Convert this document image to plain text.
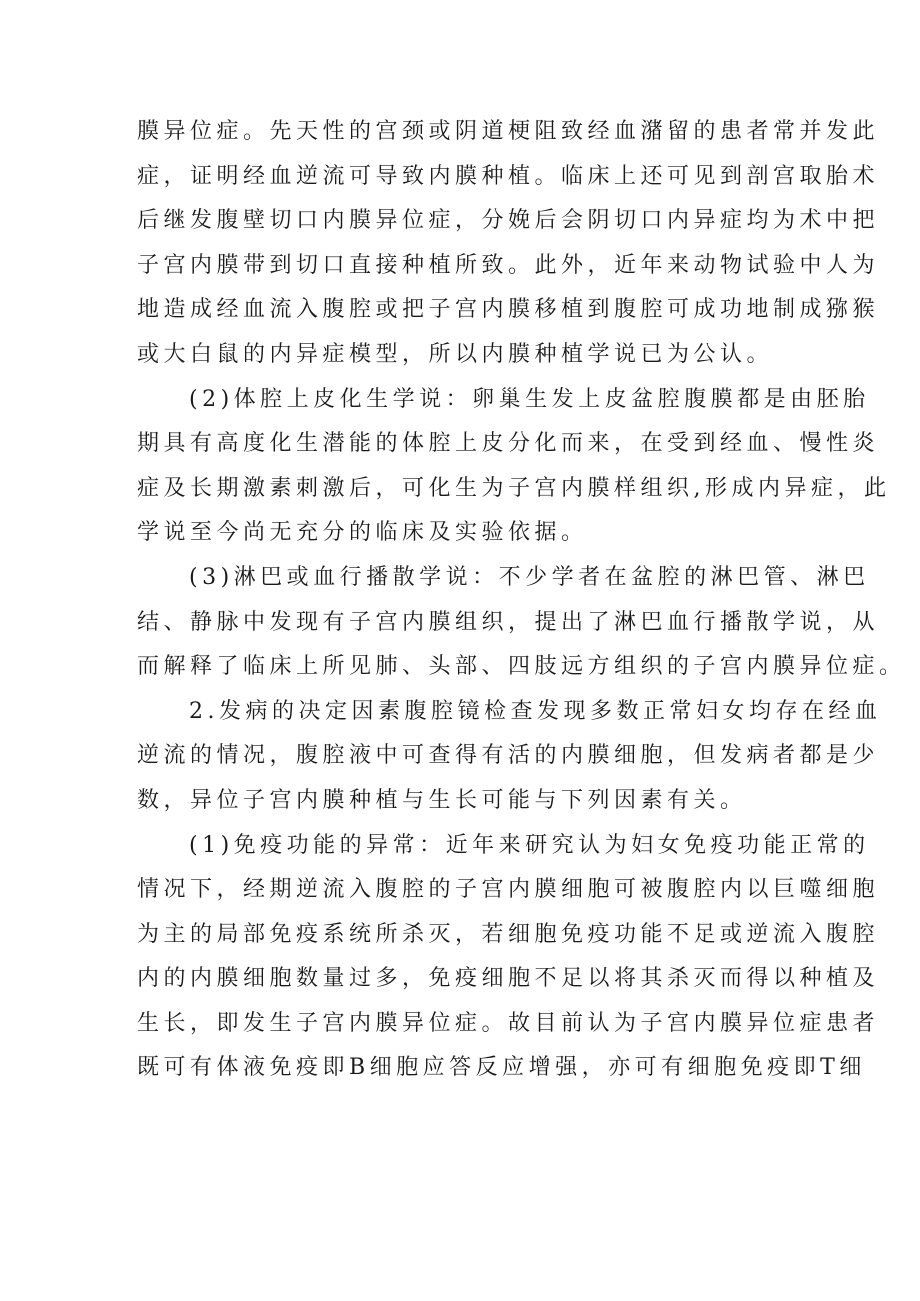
膜异位症。先天性的宫颈或阴道梗阻致经血潴留的患者常并发此
症，证明经血逆流可导致内膜种植。临床上还可见到剖宫取胎术
后继发腹壁切口内膜异位症，分娩后会阴切口内异症均为术中把
子宫内膜带到切口直接种植所致。此外，近年来动物试验中人为
地造成经血流入腹腔或把子宫内膜移植到腹腔可成功地制成猕猴
或大白鼠的内异症模型，所以内膜种植学说已为公认。

(2)体腔上皮化生学说：卵巢生发上皮盆腔腹膜都是由胚胎
期具有高度化生潜能的体腔上皮分化而来，在受到经血、慢性炎
症及长期激素刺激后，可化生为子宫内膜样组织,形成内异症，此
学说至今尚无充分的临床及实验依据。

(3)淋巴或血行播散学说：不少学者在盆腔的淋巴管、淋巴
结、静脉中发现有子宫内膜组织，提出了淋巴血行播散学说，从
而解释了临床上所见肺、头部、四肢远方组织的子宫内膜异位症。

2.发病的决定因素腹腔镜检查发现多数正常妇女均存在经血
逆流的情况，腹腔液中可查得有活的内膜细胞，但发病者都是少
数，异位子宫内膜种植与生长可能与下列因素有关。

(1)免疫功能的异常：近年来研究认为妇女免疫功能正常的
情况下，经期逆流入腹腔的子宫内膜细胞可被腹腔内以巨噬细胞
为主的局部免疫系统所杀灭，若细胞免疫功能不足或逆流入腹腔
内的内膜细胞数量过多，免疫细胞不足以将其杀灭而得以种植及
生长，即发生子宫内膜异位症。故目前认为子宫内膜异位症患者
既可有体液免疫即B细胞应答反应增强，亦可有细胞免疫即T细
